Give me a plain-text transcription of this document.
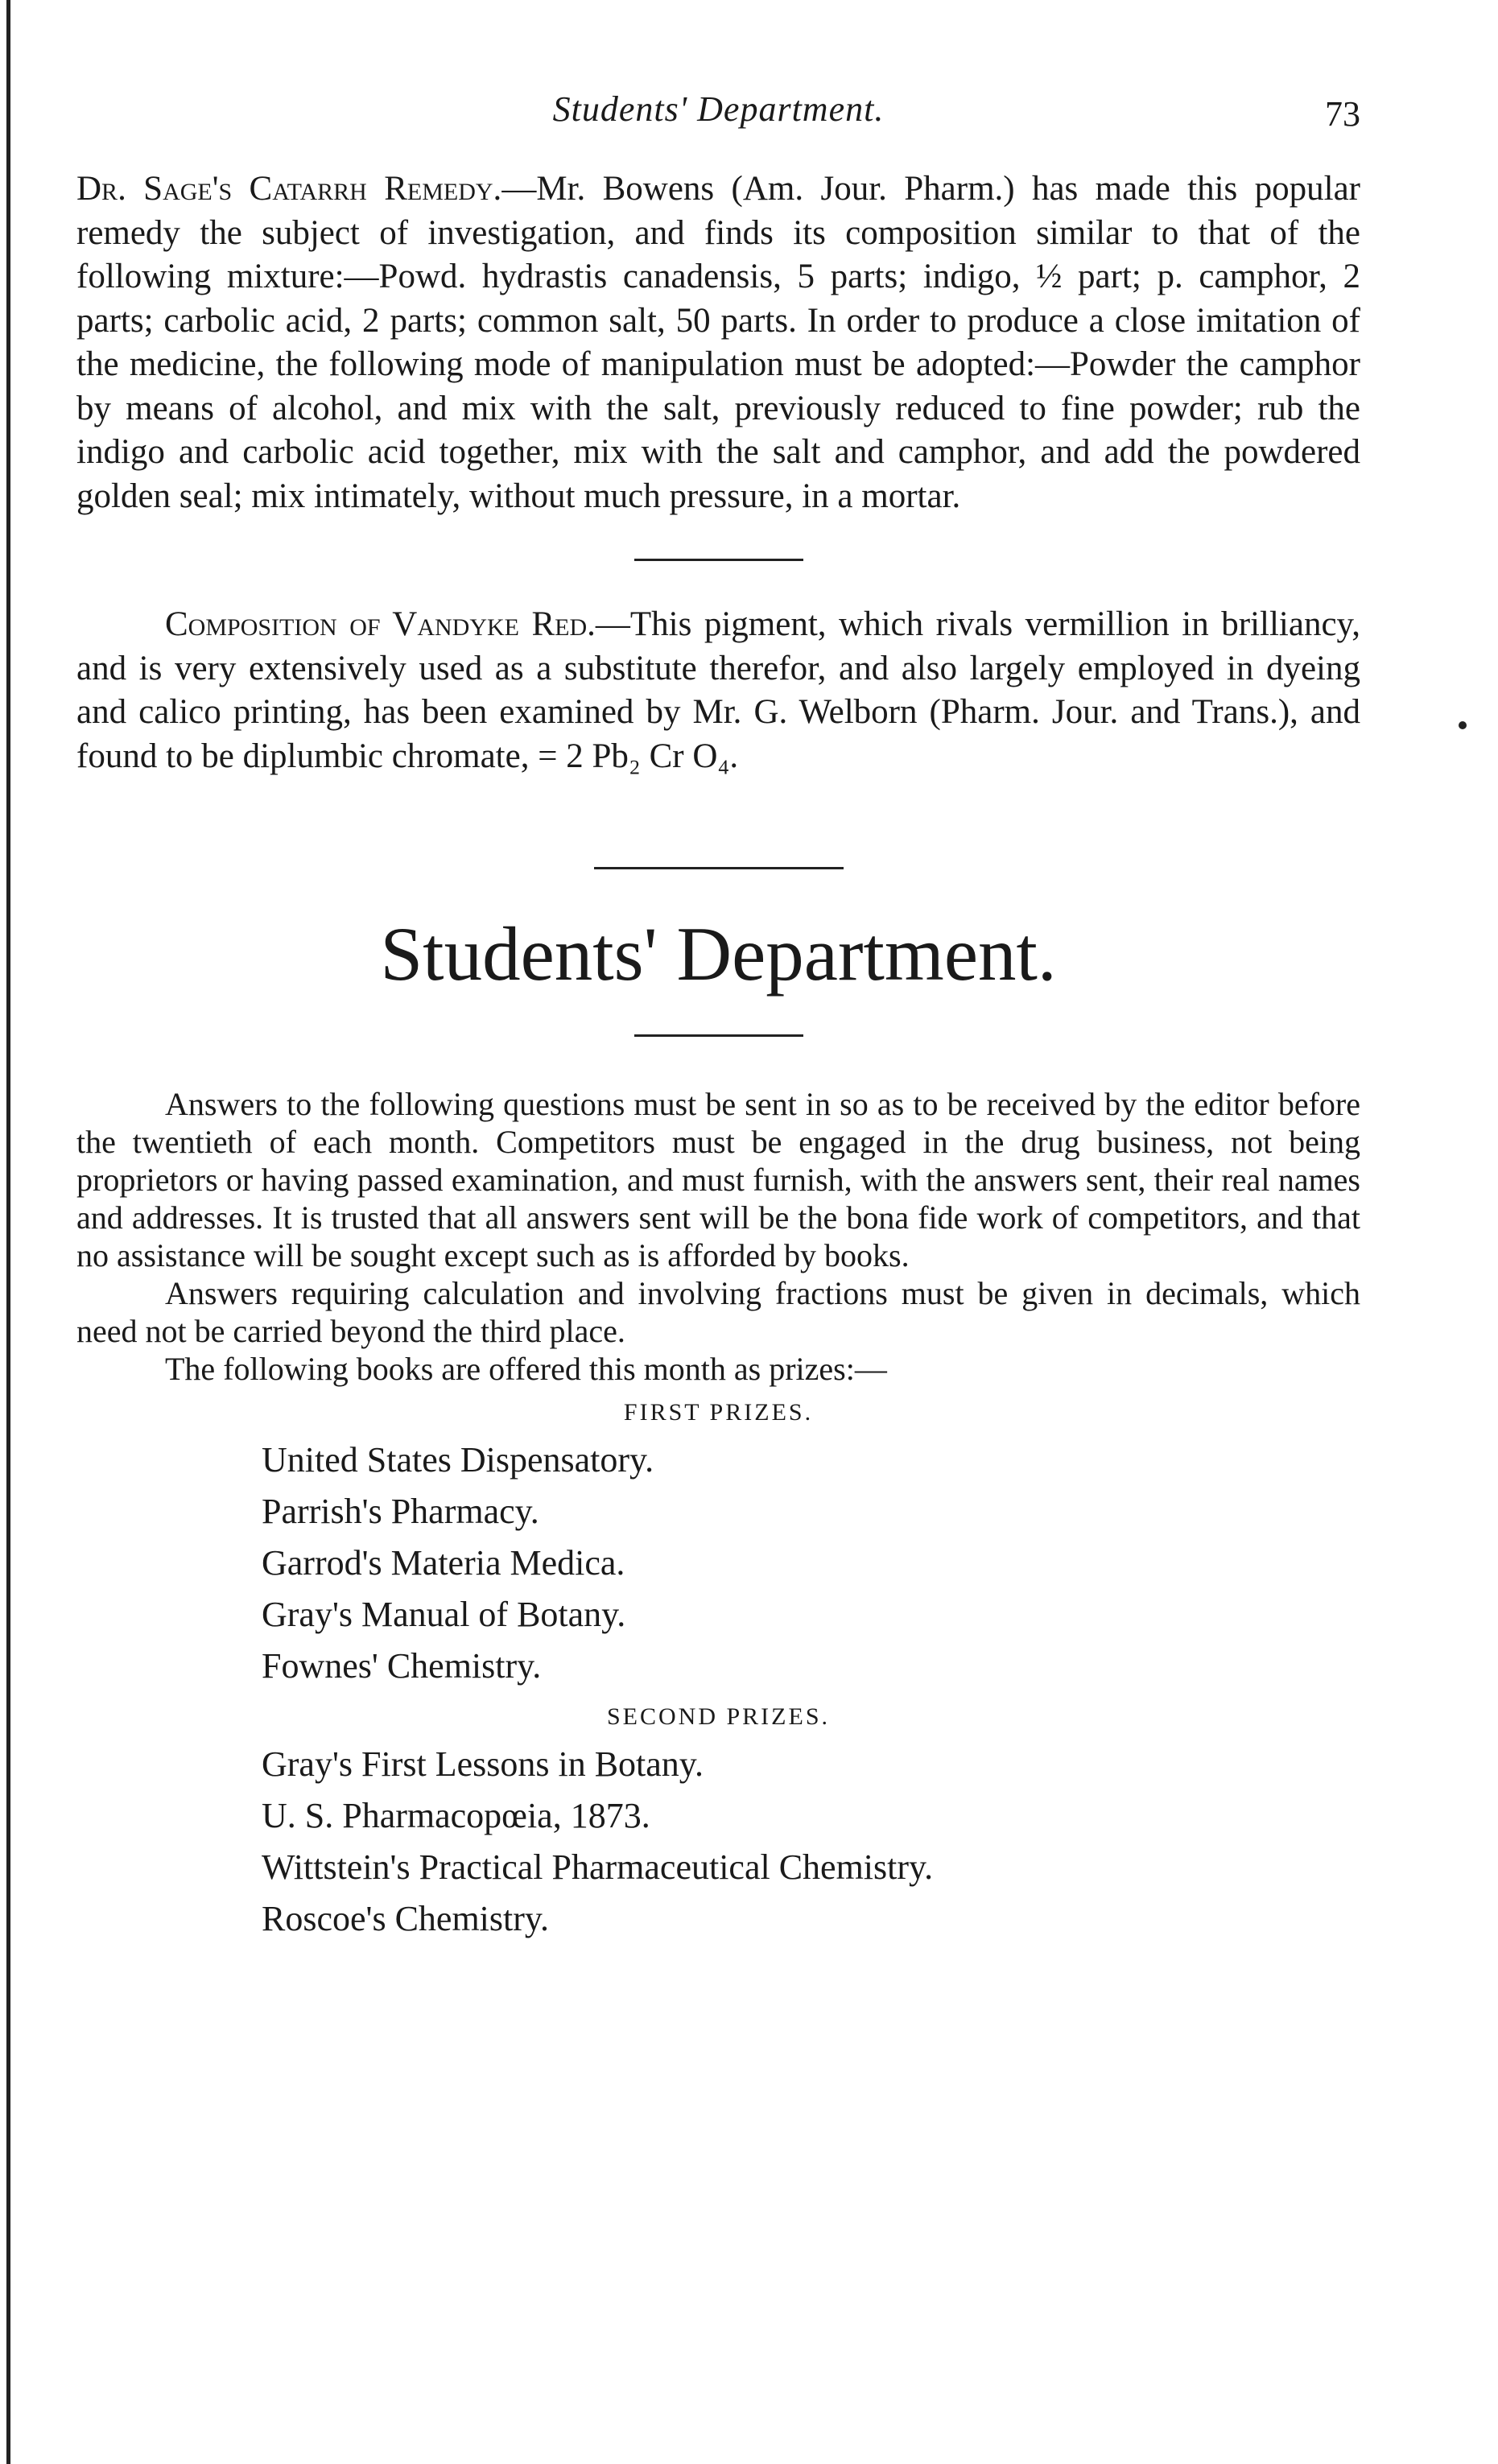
Students' Department.	73

Dr. Sage's Catarrh Remedy.—Mr. Bowens (Am. Jour. Pharm.) has made this popular remedy the subject of investigation, and finds its composition similar to that of the following mixture:—Powd. hydrastis canadensis, 5 parts; indigo, ½ part; p. camphor, 2 parts; carbolic acid, 2 parts; common salt, 50 parts. In order to produce a close imitation of the medicine, the following mode of manipulation must be adopted:—Powder the camphor by means of alcohol, and mix with the salt, previously reduced to fine powder; rub the indigo and carbolic acid together, mix with the salt and camphor, and add the powdered golden seal; mix intimately, without much pressure, in a mortar.

Composition of Vandyke Red.—This pigment, which rivals vermillion in brilliancy, and is very extensively used as a substitute therefor, and also largely employed in dyeing and calico printing, has been examined by Mr. G. Welborn (Pharm. Jour. and Trans.), and found to be diplumbic chromate, = 2 Pb₂ Cr O₄.

Students' Department.

Answers to the following questions must be sent in so as to be received by the editor before the twentieth of each month. Competitors must be engaged in the drug business, not being proprietors or having passed examination, and must furnish, with the answers sent, their real names and addresses. It is trusted that all answers sent will be the bona fide work of competitors, and that no assistance will be sought except such as is afforded by books.

Answers requiring calculation and involving fractions must be given in decimals, which need not be carried beyond the third place.

The following books are offered this month as prizes:—

FIRST PRIZES.
United States Dispensatory.
Parrish's Pharmacy.
Garrod's Materia Medica.
Gray's Manual of Botany.
Fownes' Chemistry.
SECOND PRIZES.
Gray's First Lessons in Botany.
U. S. Pharmacopœia, 1873.
Wittstein's Practical Pharmaceutical Chemistry.
Roscoe's Chemistry.
